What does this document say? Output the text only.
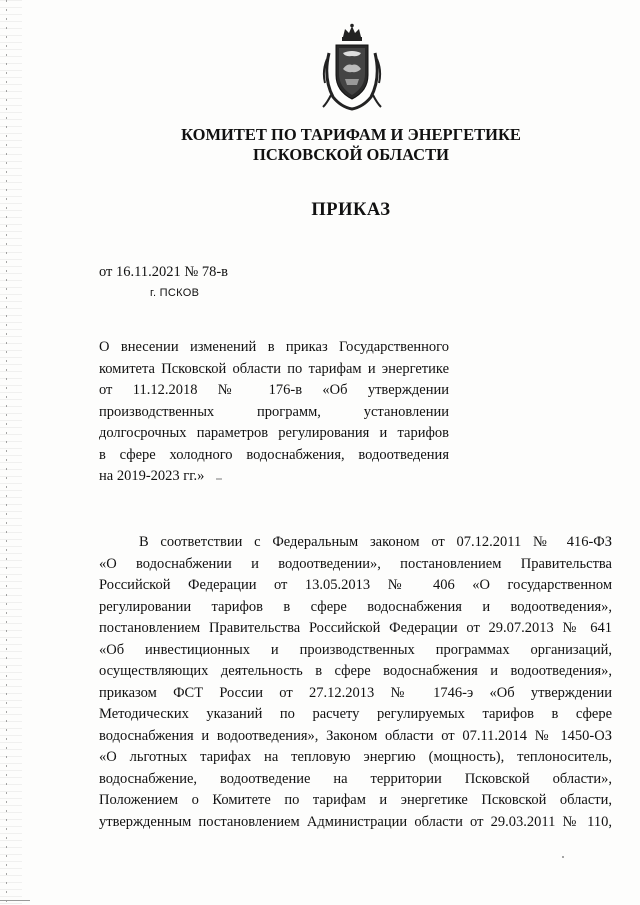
КОМИТЕТ ПО ТАРИФАМ И ЭНЕРГЕТИКЕ
ПСКОВСКОЙ ОБЛАСТИ
ПРИКАЗ
от 16.11.2021 № 78-в
г. ПСКОВ
О внесении изменений в приказ Государственного
комитета Псковской области по тарифам и энергетике
от 11.12.2018 № 176-в «Об утверждении
производственных программ, установлении
долгосрочных параметров регулирования и тарифов
в сфере холодного водоснабжения, водоотведения
на 2019-2023 гг.»
В соответствии с Федеральным законом от 07.12.2011 № 416-ФЗ
«О водоснабжении и водоотведении», постановлением Правительства
Российской Федерации от 13.05.2013 № 406 «О государственном
регулировании тарифов в сфере водоснабжения и водоотведения»,
постановлением Правительства Российской Федерации от 29.07.2013 № 641
«Об инвестиционных и производственных программах организаций,
осуществляющих деятельность в сфере водоснабжения и водоотведения»,
приказом ФСТ России от 27.12.2013 № 1746-э «Об утверждении
Методических указаний по расчету регулируемых тарифов в сфере
водоснабжения и водоотведения», Законом области от 07.11.2014 № 1450-ОЗ
«О льготных тарифах на тепловую энергию (мощность), теплоноситель,
водоснабжение, водоотведение на территории Псковской области»,
Положением о Комитете по тарифам и энергетике Псковской области,
утвержденным постановлением Администрации области от 29.03.2011 № 110,
